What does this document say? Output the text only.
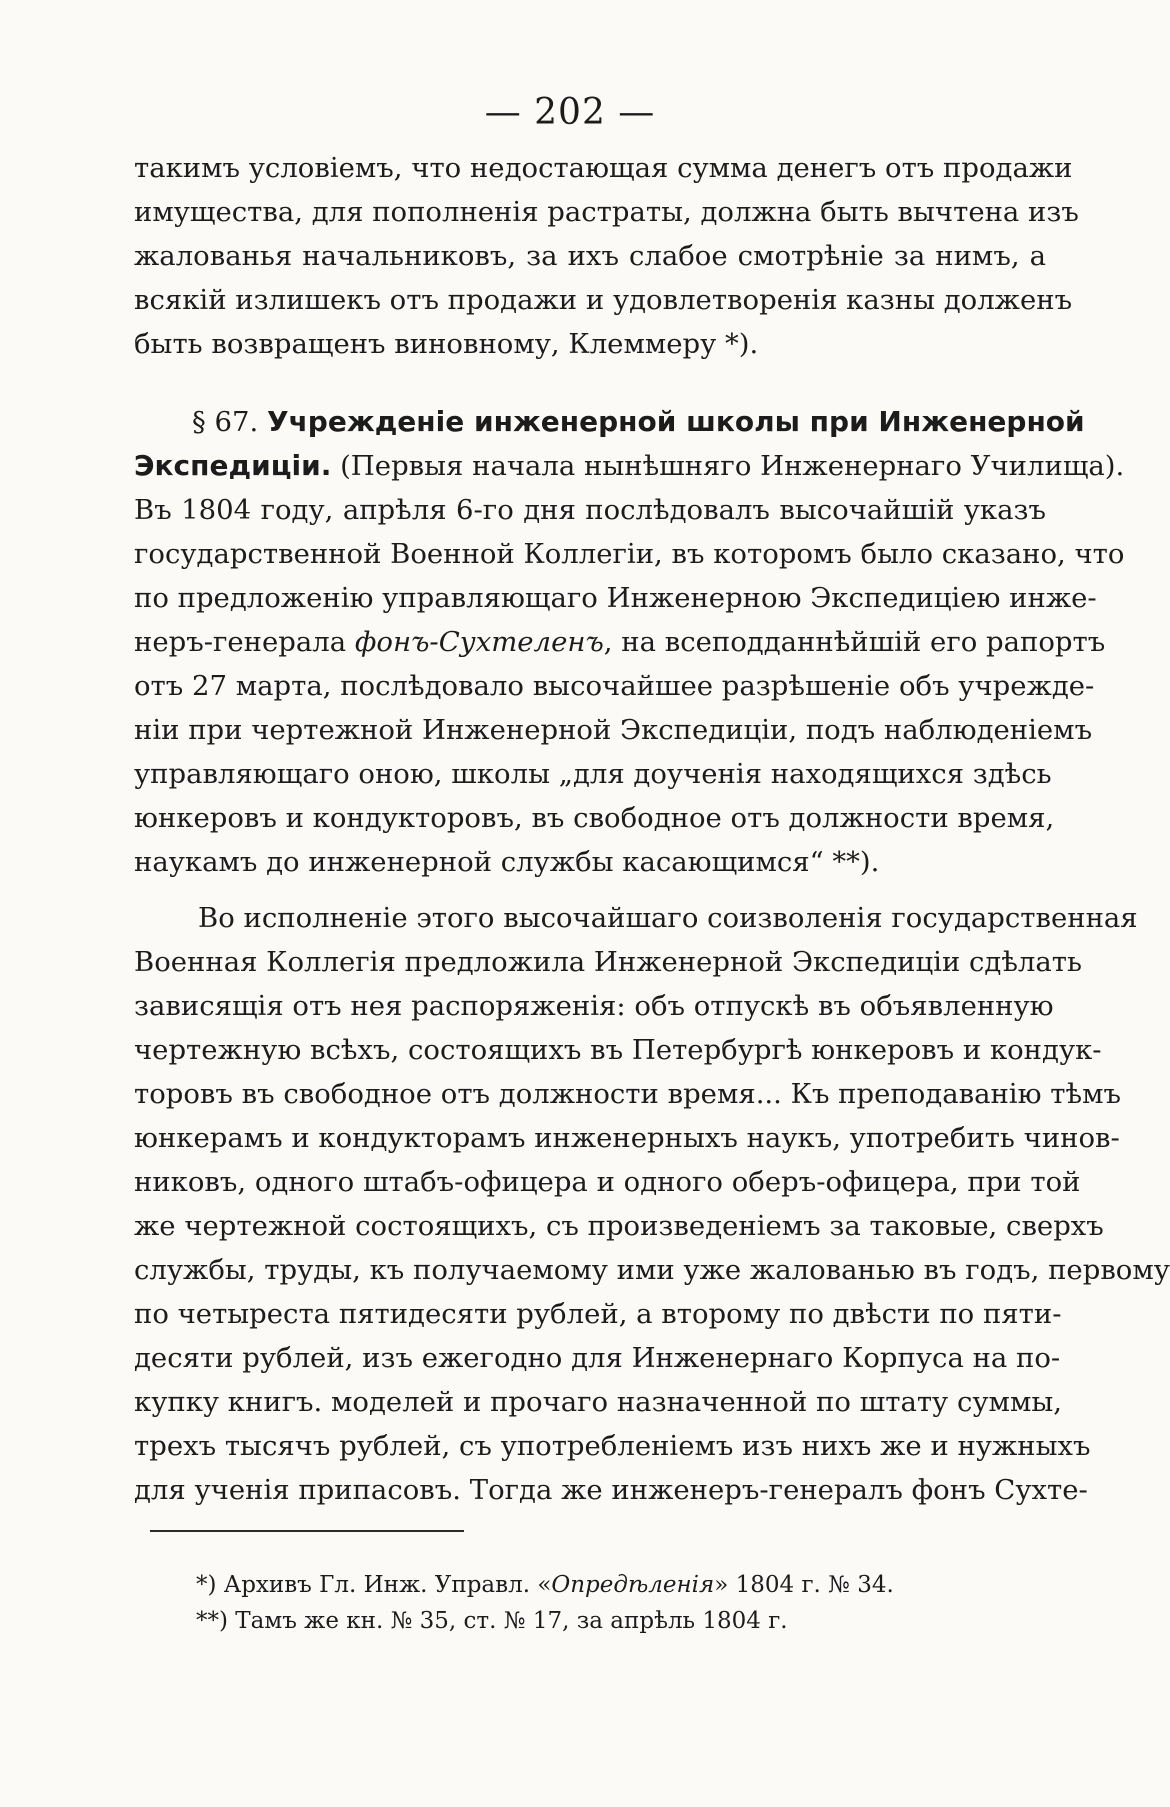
— 202 —
такимъ условіемъ, что недостающая сумма денегъ отъ продажи
имущества, для пополненія растраты, должна быть вычтена изъ
жалованья начальниковъ, за ихъ слабое смотрѣніе за нимъ, а
всякій излишекъ отъ продажи и удовлетворенія казны долженъ
быть возвращенъ виновному, Клеммеру *).
§ 67. Учрежденіе инженерной школы при Инженерной
Экспедиціи. (Первыя начала нынѣшняго Инженернаго Училища).
Въ 1804 году, апрѣля 6-го дня послѣдовалъ высочайшій указъ
государственной Военной Коллегіи, въ которомъ было сказано, что
по предложенію управляющаго Инженерною Экспедиціею инже-
неръ-генерала фонъ-Сухтеленъ, на всеподданнѣйшій его рапортъ
отъ 27 марта, послѣдовало высочайшее разрѣшеніе объ учрежде-
ніи при чертежной Инженерной Экспедиціи, подъ наблюденіемъ
управляющаго оною, школы „для доученія находящихся здѣсь
юнкеровъ и кондукторовъ, въ свободное отъ должности время,
наукамъ до инженерной службы касающимся“ **).
Во исполненіе этого высочайшаго соизволенія государственная
Военная Коллегія предложила Инженерной Экспедиціи сдѣлать
зависящія отъ нея распоряженія: объ отпускѣ въ объявленную
чертежную всѣхъ, состоящихъ въ Петербургѣ юнкеровъ и кондук-
торовъ въ свободное отъ должности время... Къ преподаванію тѣмъ
юнкерамъ и кондукторамъ инженерныхъ наукъ, употребить чинов-
никовъ, одного штабъ-офицера и одного оберъ-офицера, при той
же чертежной состоящихъ, съ произведеніемъ за таковые, сверхъ
службы, труды, къ получаемому ими уже жалованью въ годъ, первому
по четыреста пятидесяти рублей, а второму по двѣсти по пяти-
десяти рублей, изъ ежегодно для Инженернаго Корпуса на по-
купку книгъ. моделей и прочаго назначенной по штату суммы,
трехъ тысячъ рублей, съ употребленіемъ изъ нихъ же и нужныхъ
для ученія припасовъ. Тогда же инженеръ-генералъ фонъ Сухте-
*) Архивъ Гл. Инж. Управл. «Опредѣленія» 1804 г. № 34.
**) Тамъ же кн. № 35, ст. № 17, за апрѣль 1804 г.
